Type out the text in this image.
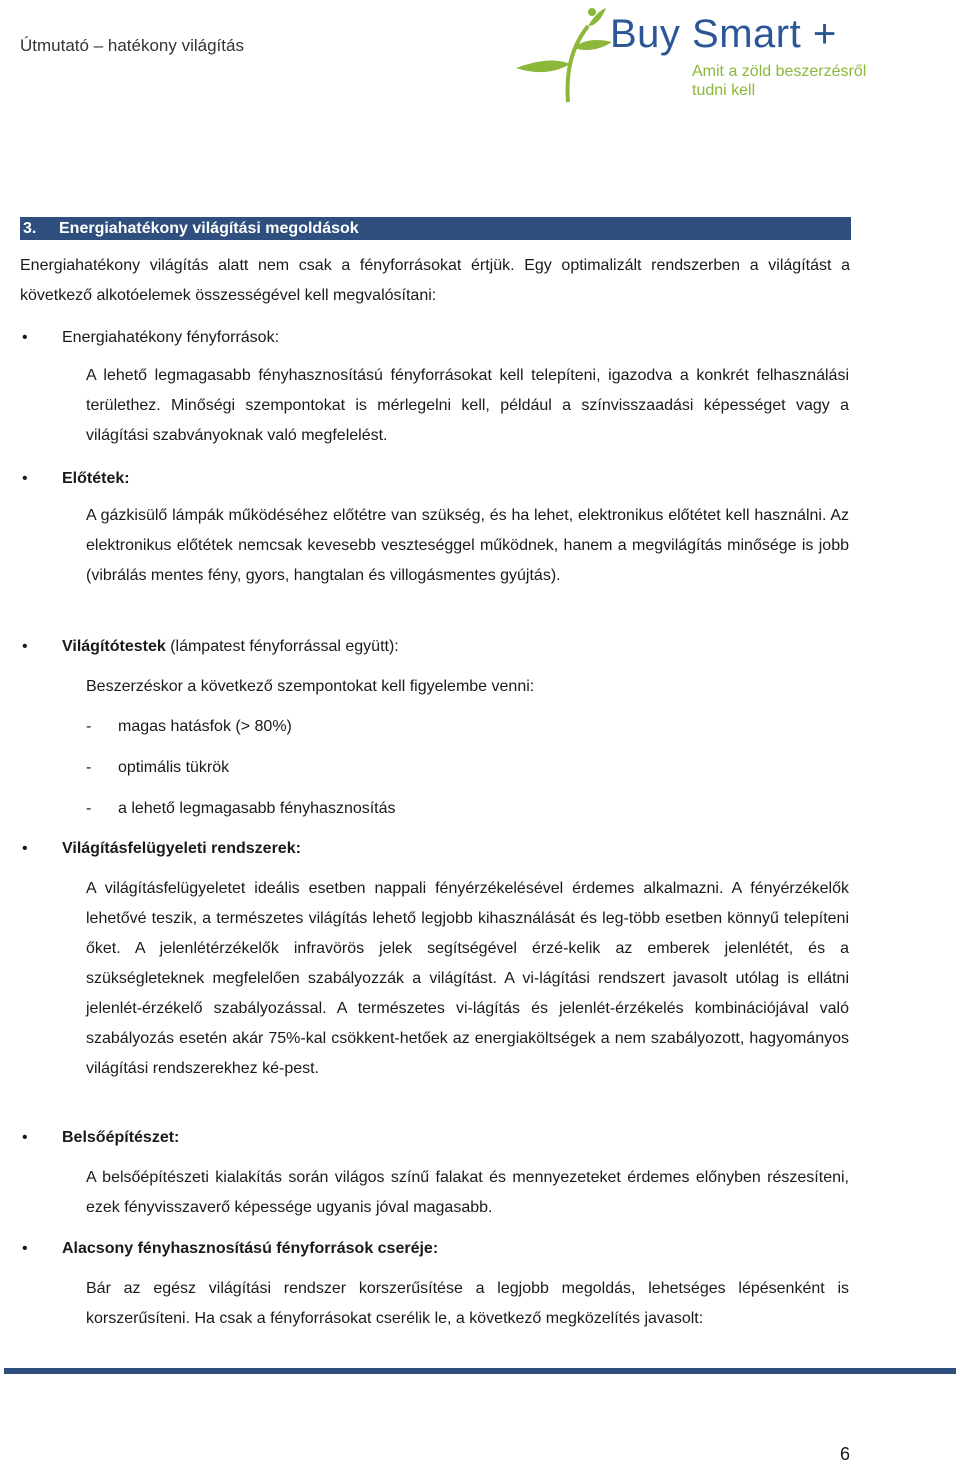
Útmutató – hatékony világítás	Buy Smart +
Amit a zöld beszerzésről
tudni kell
3. Energiahatékony világítási megoldások
Energiahatékony világítás alatt nem csak a fényforrásokat értjük. Egy optimalizált rendszerben a világítást a következő alkotóelemek összességével kell megvalósítani:
• Energiahatékony fényforrások:
A lehető legmagasabb fényhasznosítású fényforrásokat kell telepíteni, igazodva a konkrét felhasználási területhez. Minőségi szempontokat is mérlegelni kell, például a színvisszaadási képességet vagy a világítási szabványoknak való megfelelést.
• Előtétek:
A gázkisülő lámpák működéséhez előtétre van szükség, és ha lehet, elektronikus előtétet kell használni. Az elektronikus előtétek nemcsak kevesebb veszteséggel működnek, hanem a megvilágítás minősége is jobb (vibrálás mentes fény, gyors, hangtalan és villogásmentes gyújtás).
• Világítótestek (lámpatest fényforrással együtt):
Beszerzéskor a következő szempontokat kell figyelembe venni:
- magas hatásfok (> 80%)
- optimális tükrök
- a lehető legmagasabb fényhasznosítás
• Világításfelügyeleti rendszerek:
A világításfelügyeletet ideális esetben nappali fényérzékelésével érdemes alkalmazni. A fényérzékelők lehetővé teszik, a természetes világítás lehető legjobb kihasználását és leg-több esetben könnyű telepíteni őket. A jelenlétérzékelők infravörös jelek segítségével érzé-kelik az emberek jelenlétét, és a szükségleteknek megfelelően szabályozzák a világítást. A vi-lágítási rendszert javasolt utólag is ellátni jelenlét-érzékelő szabályozással. A természetes vi-lágítás és jelenlét-érzékelés kombinációjával való szabályozás esetén akár 75%-kal csökkent-hetőek az energiaköltségek a nem szabályozott, hagyományos világítási rendszerekhez ké-pest.
• Belsőépítészet:
A belsőépítészeti kialakítás során világos színű falakat és mennyezeteket érdemes előnyben részesíteni, ezek fényvisszaverő képessége ugyanis jóval magasabb.
• Alacsony fényhasznosítású fényforrások cseréje:
Bár az egész világítási rendszer korszerűsítése a legjobb megoldás, lehetséges lépésenként is korszerűsíteni. Ha csak a fényforrásokat cserélik le, a következő megközelítés javasolt:
6
